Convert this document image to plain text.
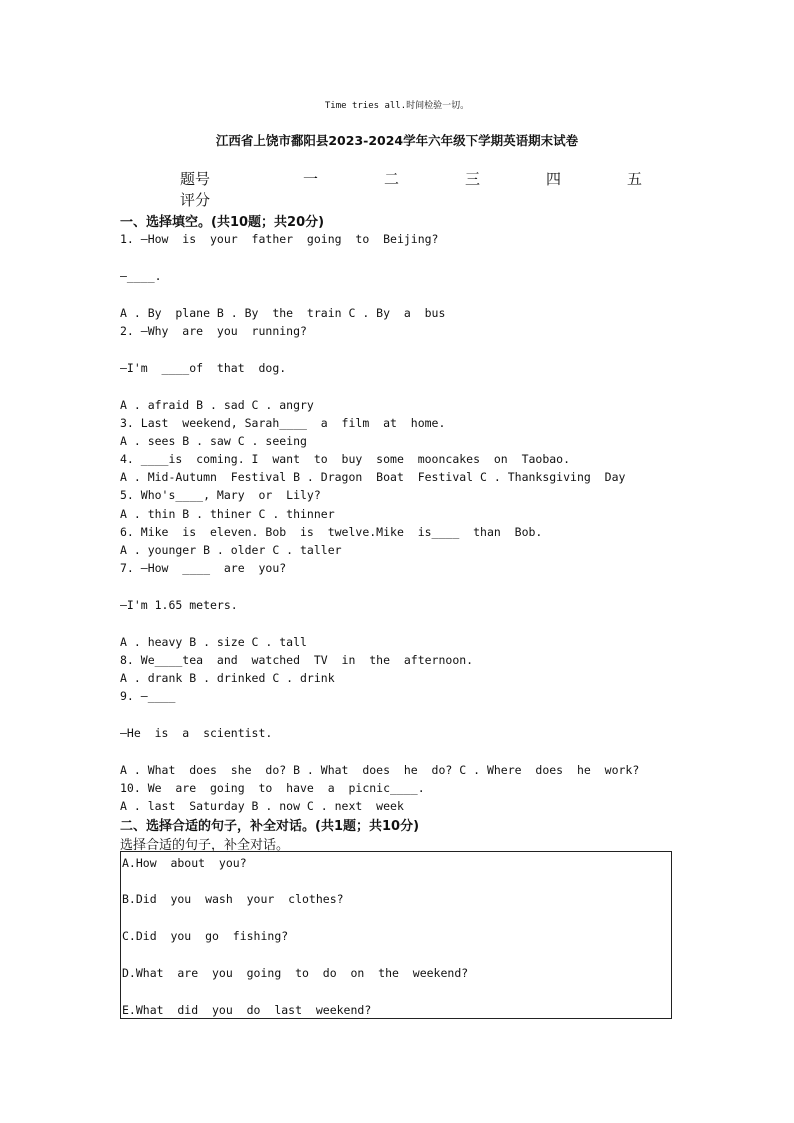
Time tries all.时间检验一切。
江西省上饶市鄱阳县2023-2024学年六年级下学期英语期末试卷
题号	一	二	三	四	五
评分
一、选择填空。(共10题；共20分)
1. —How  is  your  father  going  to  Beijing?
—____.
A . By  plane B . By  the  train C . By  a  bus
2. —Why  are  you  running?
—I'm  ____of  that  dog.
A . afraid B . sad C . angry
3. Last  weekend, Sarah____  a  film  at  home.
A . sees B . saw C . seeing
4. ____is  coming. I  want  to  buy  some  mooncakes  on  Taobao.
A . Mid-Autumn  Festival B . Dragon  Boat  Festival C . Thanksgiving  Day
5. Who's____, Mary  or  Lily?
A . thin B . thiner C . thinner
6. Mike  is  eleven. Bob  is  twelve.Mike  is____  than  Bob.
A . younger B . older C . taller
7. —How  ____  are  you?
—I'm 1.65 meters.
A . heavy B . size C . tall
8. We____tea  and  watched  TV  in  the  afternoon.
A . drank B . drinked C . drink
9. —____
—He  is  a  scientist.
A . What  does  she  do? B . What  does  he  do? C . Where  does  he  work?
10. We  are  going  to  have  a  picnic____.
A . last  Saturday B . now C . next  week
二、选择合适的句子，补全对话。(共1题；共10分)
选择合适的句子，补全对话。
A.How  about  you?
B.Did  you  wash  your  clothes?
C.Did  you  go  fishing?
D.What  are  you  going  to  do  on  the  weekend?
E.What  did  you  do  last  weekend?
